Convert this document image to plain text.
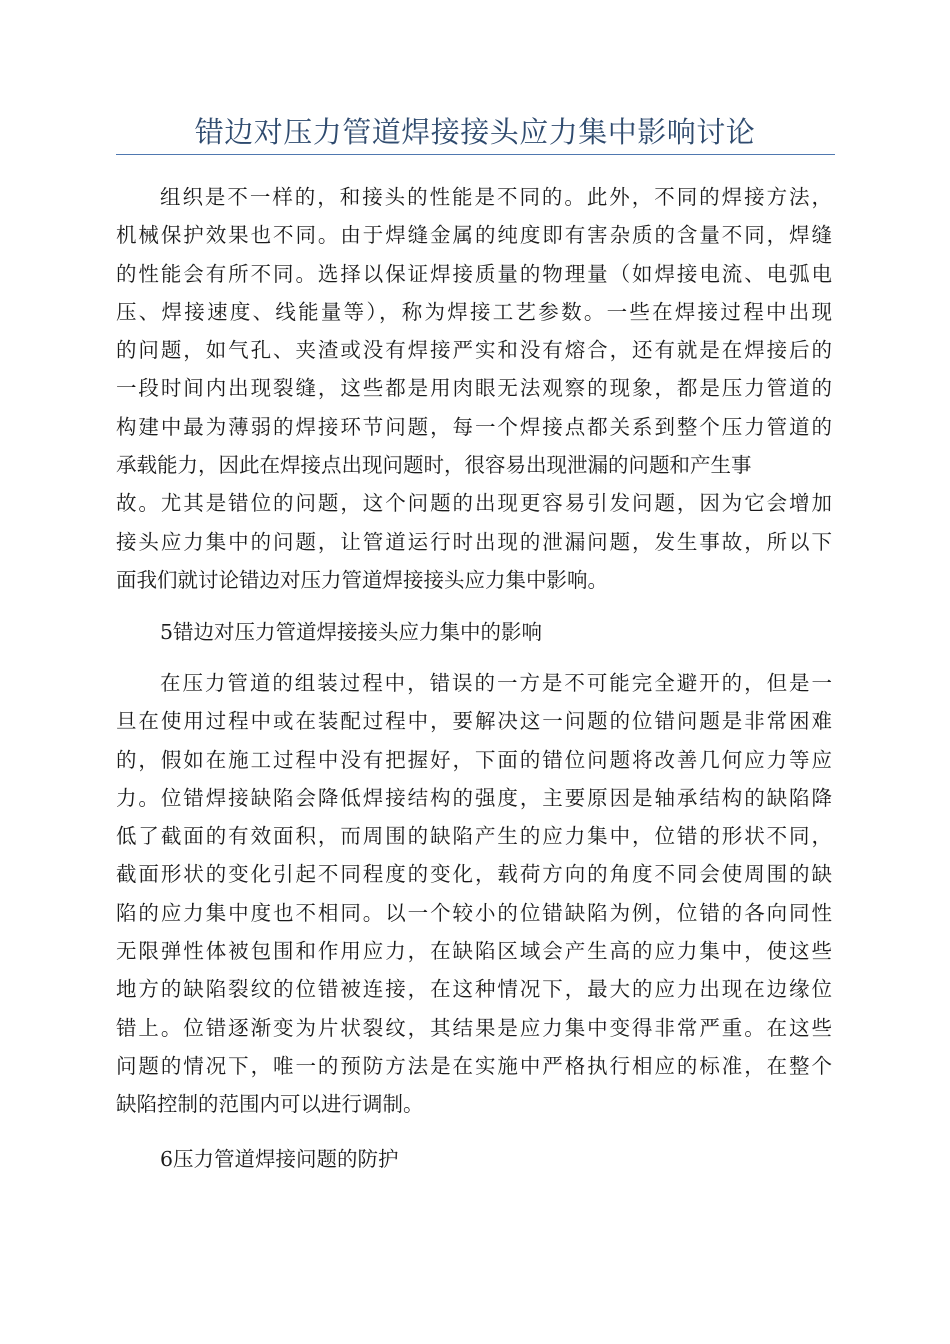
错边对压力管道焊接接头应力集中影响讨论
组织是不一样的，和接头的性能是不同的。此外，不同的焊接方法，
机械保护效果也不同。由于焊缝金属的纯度即有害杂质的含量不同，焊缝
的性能会有所不同。选择以保证焊接质量的物理量（如焊接电流、电弧电
压、焊接速度、线能量等），称为焊接工艺参数。一些在焊接过程中出现
的问题，如气孔、夹渣或没有焊接严实和没有熔合，还有就是在焊接后的
一段时间内出现裂缝，这些都是用肉眼无法观察的现象，都是压力管道的
构建中最为薄弱的焊接环节问题，每一个焊接点都关系到整个压力管道的
承载能力，因此在焊接点出现问题时，很容易出现泄漏的问题和产生事
故。尤其是错位的问题，这个问题的出现更容易引发问题，因为它会增加
接头应力集中的问题，让管道运行时出现的泄漏问题，发生事故，所以下
面我们就讨论错边对压力管道焊接接头应力集中影响。
5错边对压力管道焊接接头应力集中的影响
在压力管道的组装过程中，错误的一方是不可能完全避开的，但是一
旦在使用过程中或在装配过程中，要解决这一问题的位错问题是非常困难
的，假如在施工过程中没有把握好，下面的错位问题将改善几何应力等应
力。位错焊接缺陷会降低焊接结构的强度，主要原因是轴承结构的缺陷降
低了截面的有效面积，而周围的缺陷产生的应力集中，位错的形状不同，
截面形状的变化引起不同程度的变化，载荷方向的角度不同会使周围的缺
陷的应力集中度也不相同。以一个较小的位错缺陷为例，位错的各向同性
无限弹性体被包围和作用应力，在缺陷区域会产生高的应力集中，使这些
地方的缺陷裂纹的位错被连接，在这种情况下，最大的应力出现在边缘位
错上。位错逐渐变为片状裂纹，其结果是应力集中变得非常严重。在这些
问题的情况下，唯一的预防方法是在实施中严格执行相应的标准，在整个
缺陷控制的范围内可以进行调制。
6压力管道焊接问题的防护
